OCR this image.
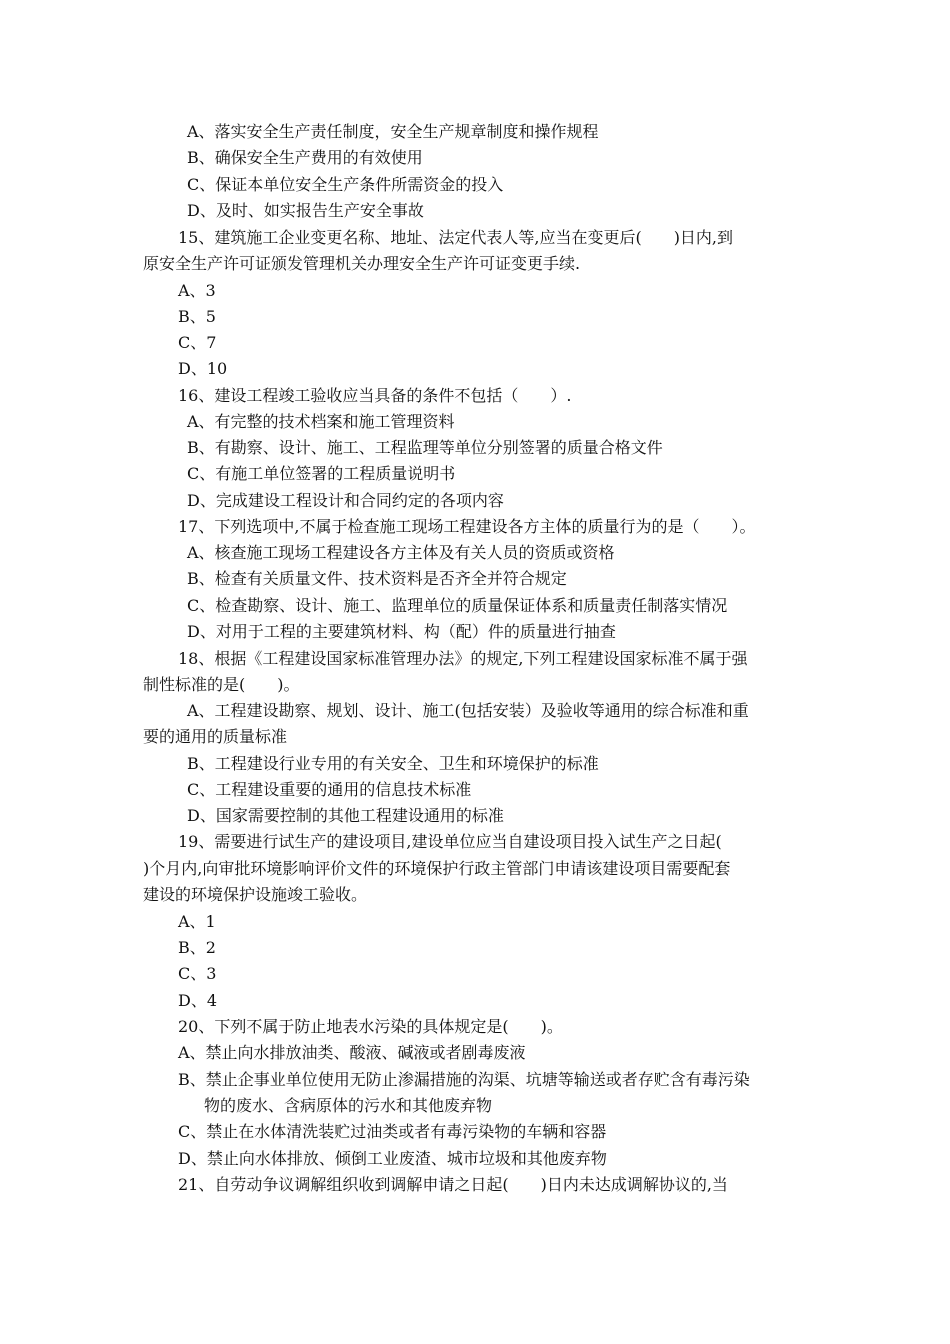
A、落实安全生产责任制度，安全生产规章制度和操作规程
B、确保安全生产费用的有效使用
C、保证本单位安全生产条件所需资金的投入
D、及时、如实报告生产安全事故
15、建筑施工企业变更名称、地址、法定代表人等,应当在变更后(　　)日内,到
原安全生产许可证颁发管理机关办理安全生产许可证变更手续.
A、3
B、5
C、7
D、10
16、建设工程竣工验收应当具备的条件不包括（　　）.
A、有完整的技术档案和施工管理资料
B、有勘察、设计、施工、工程监理等单位分别签署的质量合格文件
C、有施工单位签署的工程质量说明书
D、完成建设工程设计和合同约定的各项内容
17、下列选项中,不属于检查施工现场工程建设各方主体的质量行为的是（　　）。
A、核查施工现场工程建设各方主体及有关人员的资质或资格
B、检查有关质量文件、技术资料是否齐全并符合规定
C、检查勘察、设计、施工、监理单位的质量保证体系和质量责任制落实情况
D、对用于工程的主要建筑材料、构（配）件的质量进行抽查
18、根据《工程建设国家标准管理办法》的规定,下列工程建设国家标准不属于强
制性标准的是(　　)。
A、工程建设勘察、规划、设计、施工(包括安装）及验收等通用的综合标准和重
要的通用的质量标准
B、工程建设行业专用的有关安全、卫生和环境保护的标准
C、工程建设重要的通用的信息技术标准
D、国家需要控制的其他工程建设通用的标准
19、需要进行试生产的建设项目,建设单位应当自建设项目投入试生产之日起(
)个月内,向审批环境影响评价文件的环境保护行政主管部门申请该建设项目需要配套
建设的环境保护设施竣工验收。
A、1
B、2
C、3
D、4
20、下列不属于防止地表水污染的具体规定是(　　)。
A、禁止向水排放油类、酸液、碱液或者剧毒废液
B、禁止企事业单位使用无防止渗漏措施的沟渠、坑塘等输送或者存贮含有毒污染
物的废水、含病原体的污水和其他废弃物
C、禁止在水体清洗装贮过油类或者有毒污染物的车辆和容器
D、禁止向水体排放、倾倒工业废渣、城市垃圾和其他废弃物
21、自劳动争议调解组织收到调解申请之日起(　　)日内未达成调解协议的,当
